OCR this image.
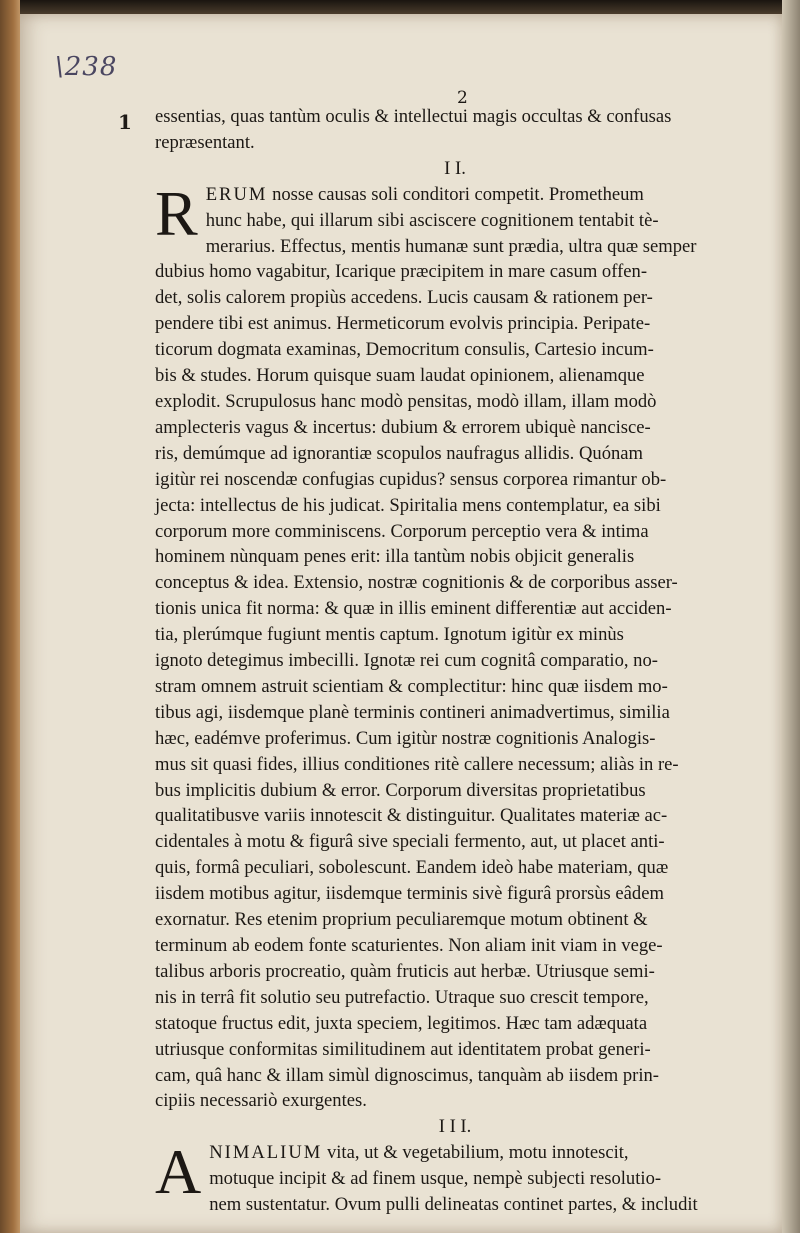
\238
2
1 essentias, quas tantùm oculis & intellectui magis occultas & confusas
repræsentant.
I I.
R ERUM nosse causas soli conditori competit. Prometheum
hunc habe, qui illarum sibi asciscere cognitionem tentabit tè-
merarius. Effectus, mentis humanæ sunt prædia, ultra quæ semper
dubius homo vagabitur, Icarique præcipitem in mare casum offen-
det, solis calorem propiùs accedens. Lucis causam & rationem per-
pendere tibi est animus. Hermeticorum evolvis principia. Peripate-
ticorum dogmata examinas, Democritum consulis, Cartesio incum-
bis & studes. Horum quisque suam laudat opinionem, alienamque
explodit. Scrupulosus hanc modò pensitas, modò illam, illam modò
amplecteris vagus & incertus: dubium & errorem ubiquè nancisce-
ris, demúmque ad ignorantiæ scopulos naufragus allidis. Quónam
igitùr rei noscendæ confugias cupidus? sensus corporea rimantur ob-
jecta: intellectus de his judicat. Spiritalia mens contemplatur, ea sibi
corporum more comminiscens. Corporum perceptio vera & intima
hominem nùnquam penes erit: illa tantùm nobis objicit generalis
conceptus & idea. Extensio, nostræ cognitionis & de corporibus asser-
tionis unica fit norma: & quæ in illis eminent differentiæ aut acciden-
tia, plerúmque fugiunt mentis captum. Ignotum igitùr ex minùs
ignoto detegimus imbecilli. Ignotæ rei cum cognitâ comparatio, no-
stram omnem astruit scientiam & complectitur: hinc quæ iisdem mo-
tibus agi, iisdemque planè terminis contineri animadvertimus, similia
hæc, eadémve proferimus. Cum igitùr nostræ cognitionis Analogis-
mus sit quasi fides, illius conditiones ritè callere necessum; aliàs in re-
bus implicitis dubium & error. Corporum diversitas proprietatibus
qualitatibusve variis innotescit & distinguitur. Qualitates materiæ ac-
cidentales à motu & figurâ sive speciali fermento, aut, ut placet anti-
quis, formâ peculiari, sobolescunt. Eandem ideò habe materiam, quæ
iisdem motibus agitur, iisdemque terminis sivè figurâ prorsùs eâdem
exornatur. Res etenim proprium peculiaremque motum obtinent &
terminum ab eodem fonte scaturientes. Non aliam init viam in vege-
talibus arboris procreatio, quàm fruticis aut herbæ. Utriusque semi-
nis in terrâ fit solutio seu putrefactio. Utraque suo crescit tempore,
statoque fructus edit, juxta speciem, legitimos. Hæc tam adæquata
utriusque conformitas similitudinem aut identitatem probat generi-
cam, quâ hanc & illam simùl dignoscimus, tanquàm ab iisdem prin-
cipiis necessariò exurgentes.
I I I.
A NIMALIUM vita, ut & vegetabilium, motu innotescit,
motuque incipit & ad finem usque, nempè subjecti resolutio-
nem sustentatur. Ovum pulli delineatas continet partes, & includit
